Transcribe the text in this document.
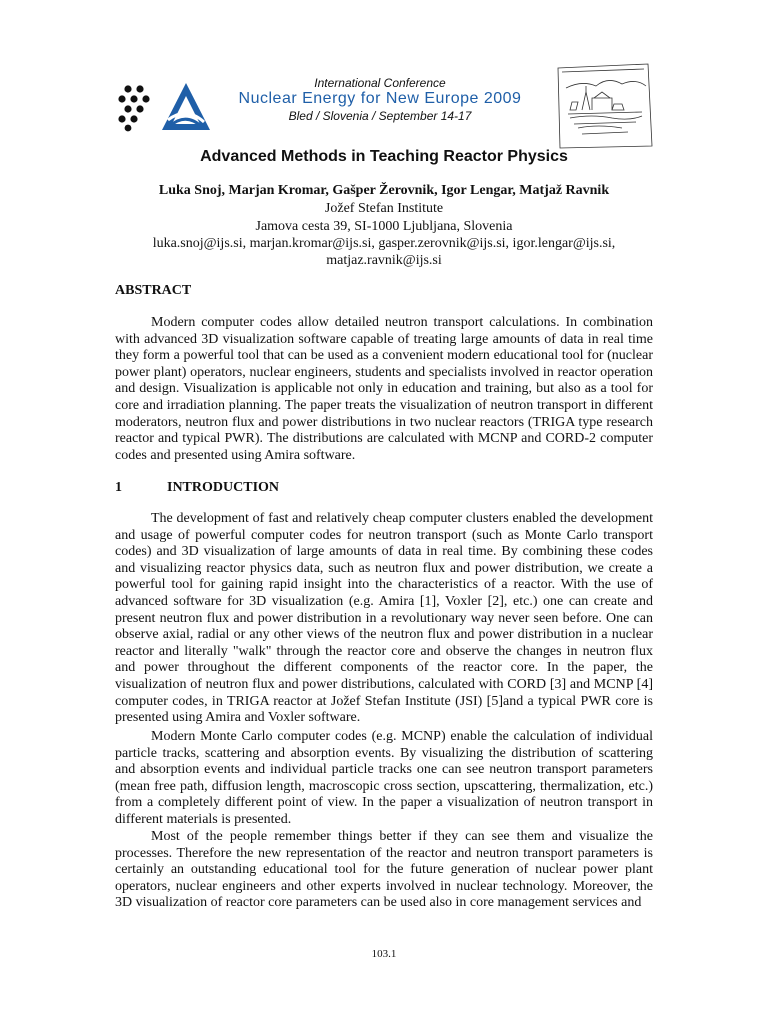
International Conference
Nuclear Energy for New Europe 2009
Bled / Slovenia / September 14-17
Advanced Methods in Teaching Reactor Physics
Luka Snoj, Marjan Kromar, Gašper Žerovnik, Igor Lengar, Matjaž Ravnik
Jožef Stefan Institute
Jamova cesta 39, SI-1000 Ljubljana, Slovenia
luka.snoj@ijs.si, marjan.kromar@ijs.si, gasper.zerovnik@ijs.si, igor.lengar@ijs.si,
matjaz.ravnik@ijs.si
ABSTRACT

Modern computer codes allow detailed neutron transport calculations. In combination with advanced 3D visualization software capable of treating large amounts of data in real time they form a powerful tool that can be used as a convenient modern educational tool for (nuclear power plant) operators, nuclear engineers, students and specialists involved in reactor operation and design. Visualization is applicable not only in education and training, but also as a tool for core and irradiation planning. The paper treats the visualization of neutron transport in different moderators, neutron flux and power distributions in two nuclear reactors (TRIGA type research reactor and typical PWR). The distributions are calculated with MCNP and CORD-2 computer codes and presented using Amira software.

1	INTRODUCTION

The development of fast and relatively cheap computer clusters enabled the development and usage of powerful computer codes for neutron transport (such as Monte Carlo transport codes) and 3D visualization of large amounts of data in real time. By combining these codes and visualizing reactor physics data, such as neutron flux and power distribution, we create a powerful tool for gaining rapid insight into the characteristics of a reactor. With the use of advanced software for 3D visualization (e.g. Amira [1], Voxler [2], etc.) one can create and present neutron flux and power distribution in a revolutionary way never seen before. One can observe axial, radial or any other views of the neutron flux and power distribution in a nuclear reactor and literally "walk" through the reactor core and observe the changes in neutron flux and power throughout the different components of the reactor core. In the paper, the visualization of neutron flux and power distributions, calculated with CORD [3] and MCNP [4] computer codes, in TRIGA reactor at Jožef Stefan Institute (JSI) [5]and a typical PWR core is presented using Amira and Voxler software.

Modern Monte Carlo computer codes (e.g. MCNP) enable the calculation of individual particle tracks, scattering and absorption events. By visualizing the distribution of scattering and absorption events and individual particle tracks one can see neutron transport parameters (mean free path, diffusion length, macroscopic cross section, upscattering, thermalization, etc.) from a completely different point of view. In the paper a visualization of neutron transport in different materials is presented.

Most of the people remember things better if they can see them and visualize the processes. Therefore the new representation of the reactor and neutron transport parameters is certainly an outstanding educational tool for the future generation of nuclear power plant operators, nuclear engineers and other experts involved in nuclear technology. Moreover, the 3D visualization of reactor core parameters can be used also in core management services and

103.1
